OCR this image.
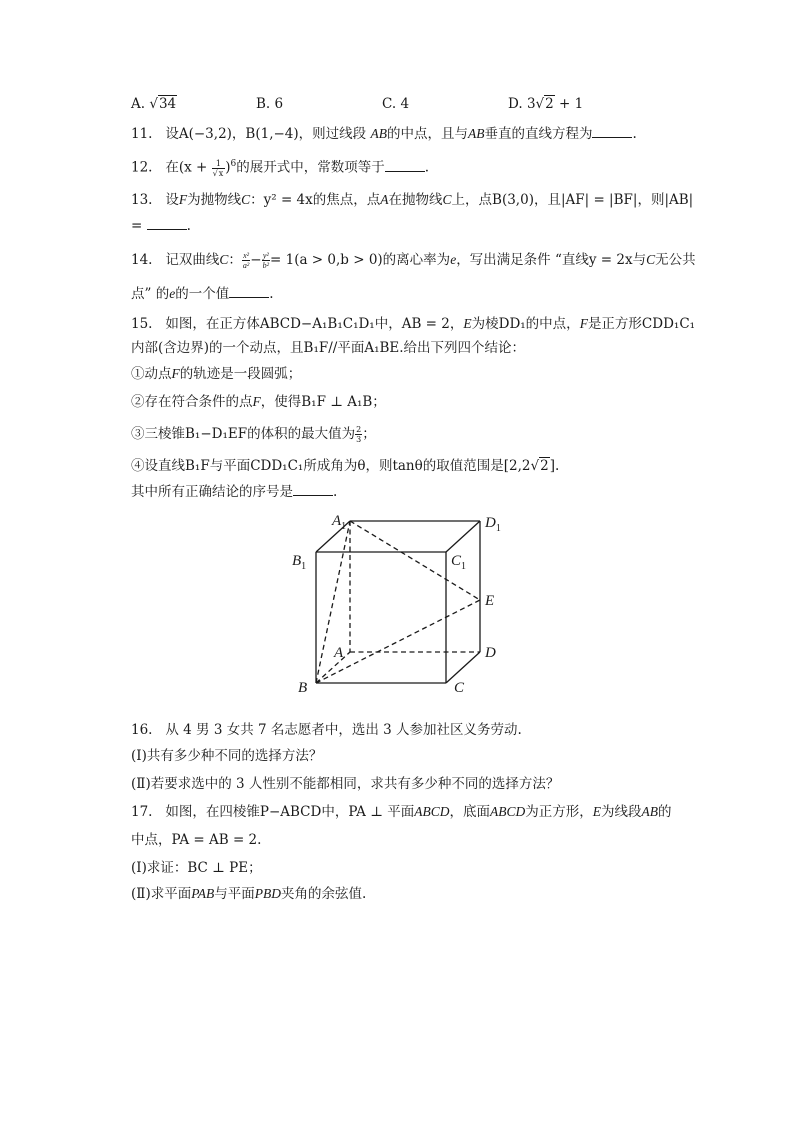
A. √34	B. 6	C. 4	D. 3√2 + 1
11. 设A(−3,2)，B(1,−4)，则过线段 AB的中点，且与AB垂直的直线方程为	.
12. 在$(x + \frac{1}{√x} )^6$的展开式中，常数项等于	.
13. 设F为抛物线C：y² = 4x的焦点，点A在抛物线C上，点B(3,0)，且|AF| = |BF|，则|AB|
=	.
14. 记双曲线C： $\frac{\text{x²}}{\text{a²}} - \frac{\text{y²}}{\text{b²}} = 1(a > 0,b > 0)$的离心率为e，写出满足条件 “直线y = 2x与C无公共
点” 的e的一个值	.
15. 如图，在正方体ABCD−A₁B₁C₁D₁中，AB = 2，E为棱DD₁的中点，F是正方形CDD₁C₁
内部(含边界)的一个动点，且B₁F//平面A₁BE.给出下列四个结论：
①动点F的轨迹是一段圆弧；
②存在符合条件的点F，使得B₁F ⊥ A₁B；
③三棱锥B₁−D₁EF的体积的最大值为 $\frac{2}{3}$ ；
④设直线B₁F与平面CDD₁C₁所成角为θ，则tanθ的取值范围是[2,2√2].
其中所有正确结论的序号是	.
$A_1$	$D_1$
$B_1$	$C_1$
E
A	D
B	C
16. 从 4 男 3 女共 7 名志愿者中，选出 3 人参加社区义务劳动.
(Ⅰ)共有多少种不同的选择方法？
(Ⅱ)若要求选中的 3 人性别不能都相同，求共有多少种不同的选择方法？
17. 如图，在四棱锥P−ABCD中，PA ⊥ 平面ABCD，底面ABCD为正方形，E为线段AB的
中点，PA = AB = 2.
(Ⅰ)求证：BC ⊥ PE；
(Ⅱ)求平面PAB与平面PBD夹角的余弦值.
